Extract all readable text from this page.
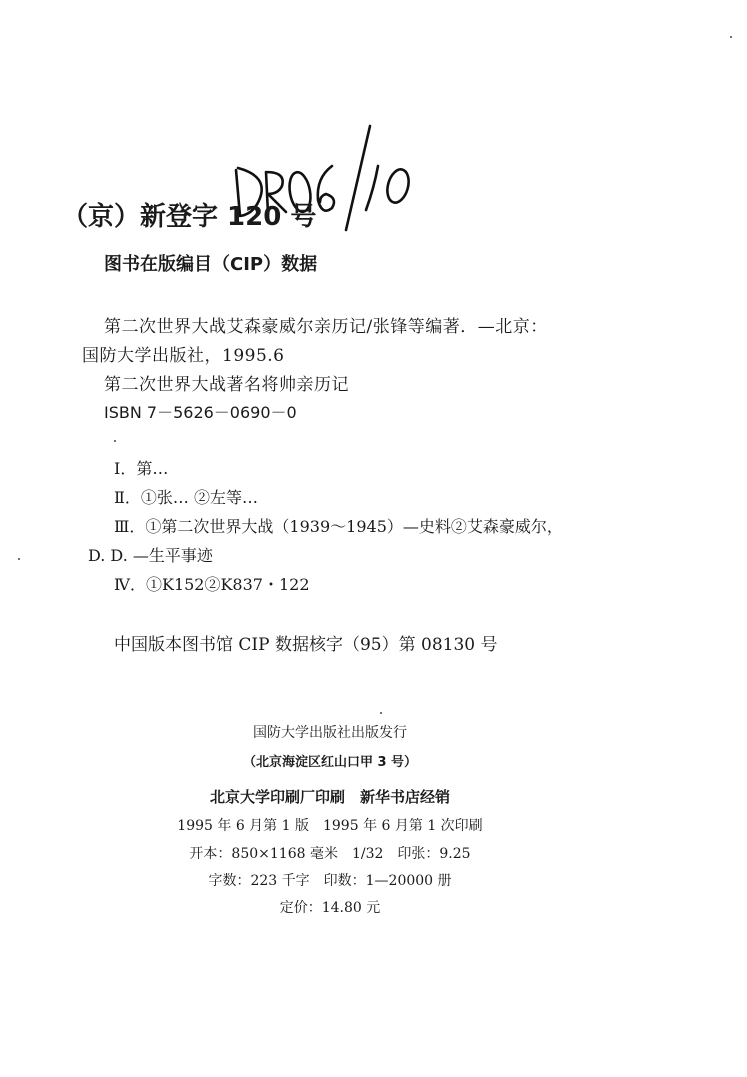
（京）新登字 120 号
图书在版编目（CIP）数据
第二次世界大战艾森豪威尔亲历记/张锋等编著．—北京：
国防大学出版社，1995.6
第二次世界大战著名将帅亲历记
ISBN 7－5626－0690－0
Ⅰ．第…
Ⅱ．①张… ②左等…
Ⅲ．①第二次世界大战（1939～1945）—史料②艾森豪威尔，
D. D. —生平事迹
Ⅳ．①K152②K837・122
中国版本图书馆 CIP 数据核字（95）第 08130 号
国防大学出版社出版发行
（北京海淀区红山口甲 3 号）
北京大学印刷厂印刷　新华书店经销
1995 年 6 月第 1 版　1995 年 6 月第 1 次印刷
开本：850×1168 毫米　1/32　印张：9.25
字数：223 千字　印数：1—20000 册
定价：14.80 元
